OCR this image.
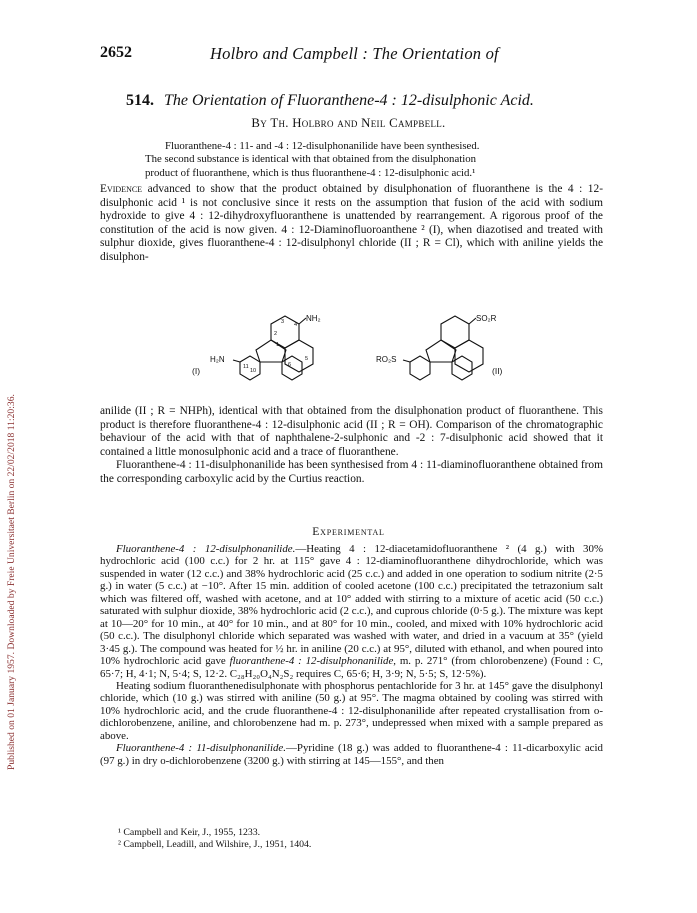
Published on 01 January 1957. Downloaded by Freie Universitaet Berlin on 22/02/2018 11:20:36.
2652	Holbro and Campbell : The Orientation of
514. The Orientation of Fluoranthene-4 : 12-disulphonic Acid.
By Th. Holbro and Neil Campbell.

Fluoranthene-4 : 11- and -4 : 12-disulphonanilide have been synthesised.

The second substance is identical with that obtained from the disulphonation

product of fluoranthene, which is thus fluoranthene-4 : 12-disulphonic acid.¹

Evidence advanced to show that the product obtained by disulphonation of fluoranthene is the 4 : 12-disulphonic acid ¹ is not conclusive since it rests on the assumption that fusion of the acid with sodium hydroxide to give 4 : 12-dihydroxyfluoranthene is unattended by rearrangement. A rigorous proof of the constitution of the acid is now given. 4 : 12-Diaminofluoroanthene ² (I), when diazotised and treated with sulphur dioxide, gives fluoranthene-4 : 12-disulphonyl chloride (II ; R = Cl), which with aniline yields the disulphon-

NH₂
H₂N
(I)
1
2
3 4
5
6
10
11
SO₂R
RO₂S
(II)

anilide (II ; R = NHPh), identical with that obtained from the disulphonation product of fluoranthene. This product is therefore fluoranthene-4 : 12-disulphonic acid (II ; R = OH). Comparison of the chromatographic behaviour of the acid with that of naphthalene-2-sulphonic and -2 : 7-disulphonic acid showed that it contained a little monosulphonic acid and a trace of fluoranthene.

Fluoranthene-4 : 11-disulphonanilide has been synthesised from 4 : 11-diaminofluoranthene obtained from the corresponding carboxylic acid by the Curtius reaction.

Experimental

Fluoranthene-4 : 12-disulphonanilide.—Heating 4 : 12-diacetamidofluoranthene ² (4 g.) with 30% hydrochloric acid (100 c.c.) for 2 hr. at 115° gave 4 : 12-diaminofluoranthene dihydrochloride, which was suspended in water (12 c.c.) and 38% hydrochloric acid (25 c.c.) and added in one operation to sodium nitrite (2·5 g.) in water (5 c.c.) at −10°. After 15 min. addition of cooled acetone (100 c.c.) precipitated the tetrazonium salt which was filtered off, washed with acetone, and at 10° added with stirring to a mixture of acetic acid (50 c.c.) saturated with sulphur dioxide, 38% hydrochloric acid (2 c.c.), and cuprous chloride (0·5 g.). The mixture was kept at 10—20° for 10 min., at 40° for 10 min., and at 80° for 10 min., cooled, and mixed with 10% hydrochloric acid (50 c.c.). The disulphonyl chloride which separated was washed with water, and dried in a vacuum at 35° (yield 3·45 g.). The compound was heated for ½ hr. in aniline (20 c.c.) at 95°, diluted with ethanol, and when poured into 10% hydrochloric acid gave fluoranthene-4 : 12-disulphonanilide, m. p. 271° (from chlorobenzene) (Found : C, 65·7; H, 4·1; N, 5·4; S, 12·2. C₂₈H₂₀O₄N₂S₂ requires C, 65·6; H, 3·9; N, 5·5; S, 12·5%).

Heating sodium fluoranthenedisulphonate with phosphorus pentachloride for 3 hr. at 145° gave the disulphonyl chloride, which (10 g.) was stirred with aniline (50 g.) at 95°. The magma obtained by cooling was stirred with 10% hydrochloric acid, and the crude fluoranthene-4 : 12-disulphonanilide after repeated crystallisation from o-dichlorobenzene, aniline, and chlorobenzene had m. p. 273°, undepressed when mixed with a sample prepared as above.

Fluoranthene-4 : 11-disulphonanilide.—Pyridine (18 g.) was added to fluoranthene-4 : 11-dicarboxylic acid (97 g.) in dry o-dichlorobenzene (3200 g.) with stirring at 145—155°, and then

¹ Campbell and Keir, J., 1955, 1233.
² Campbell, Leadill, and Wilshire, J., 1951, 1404.
